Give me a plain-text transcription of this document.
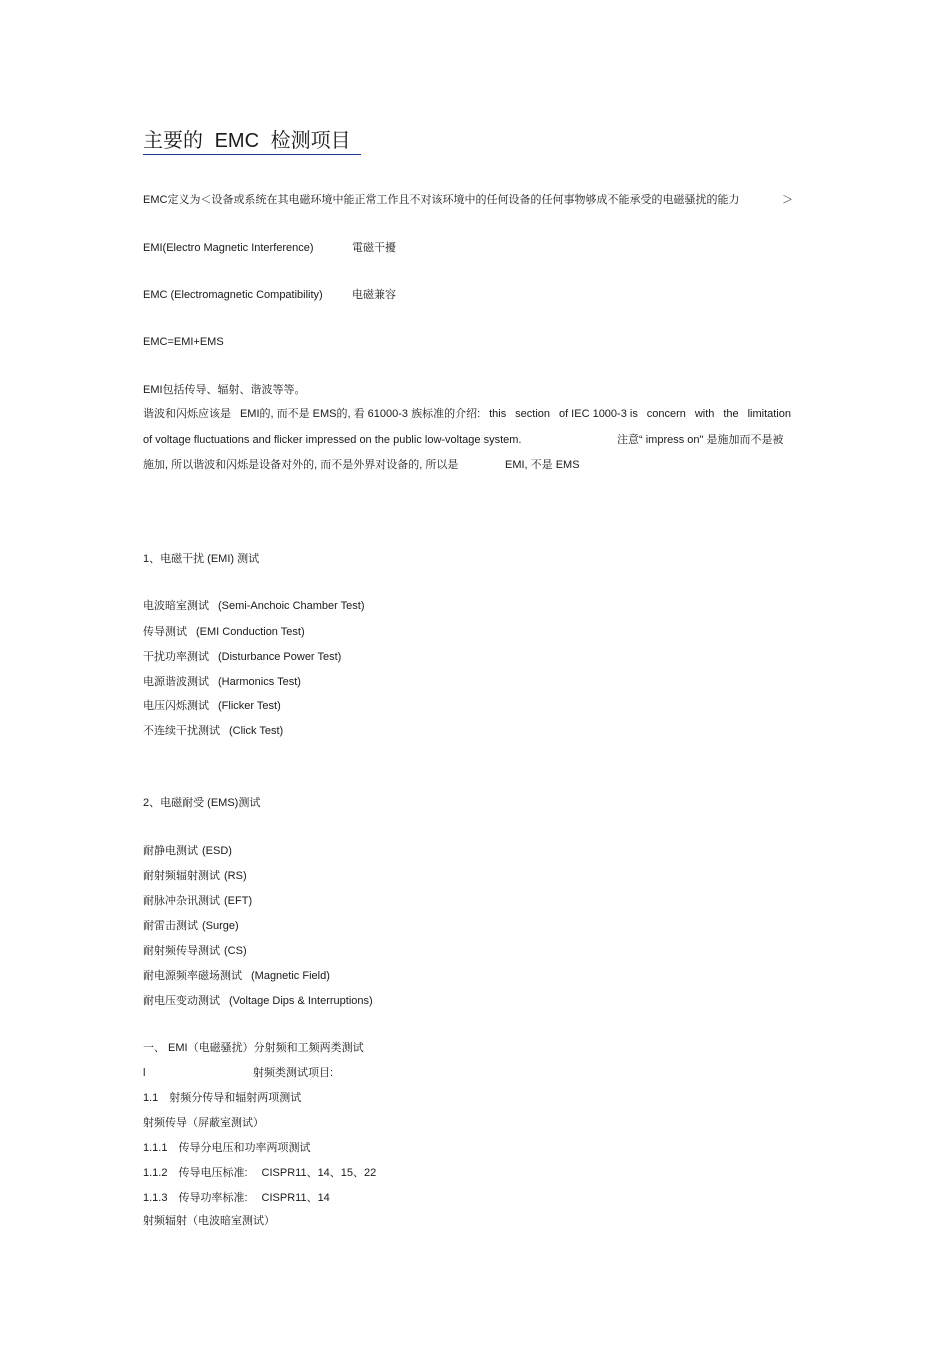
主要的 EMC 检测项目
EMC定义为＜设备或系统在其电磁环境中能正常工作且不对该环境中的任何设备的任何事物够成不能承受的电磁骚扰的能力	＞
EMI(Electro Magnetic Interference)	電磁干擾
EMC (Electromagnetic Compatibility)	电磁兼容
EMC=EMI+EMS
EMI包括传导、辐射、谐波等等。
谐波和闪烁应该是 EMI的, 而不是 EMS的, 看 61000-3 族标准的介绍: this section of IEC 1000-3 is concern with the limitation
of voltage fluctuations and flicker impressed on the public low-voltage system.	注意“ impress on" 是施加而不是被
施加, 所以谐波和闪烁是设备对外的, 而不是外界对设备的, 所以是	EMI, 不是 EMS
1、电磁干扰 (EMI) 测试
电波暗室测试 (Semi-Anchoic Chamber Test)
传导测试 (EMI Conduction Test)
干扰功率测试 (Disturbance Power Test)
电源谐波测试 (Harmonics Test)
电压闪烁测试 (Flicker Test)
不连续干扰测试 (Click Test)
2、电磁耐受 (EMS)测试
耐静电测试 (ESD)
耐射频辐射测试 (RS)
耐脉冲杂讯测试 (EFT)
耐雷击测试 (Surge)
耐射频传导测试 (CS)
耐电源频率磁场测试 (Magnetic Field)
耐电压变动测试 (Voltage Dips & Interruptions)
一、 EMI（电磁骚扰）分射频和工频两类测试
l	射频类测试项目:
1.1 射频分传导和辐射两项测试
射频传导（屏蔽室测试）
1.1.1 传导分电压和功率两项测试
1.1.2 传导电压标准: CISPR11、14、15、22
1.1.3 传导功率标准: CISPR11、14
射频辐射（电波暗室测试）
